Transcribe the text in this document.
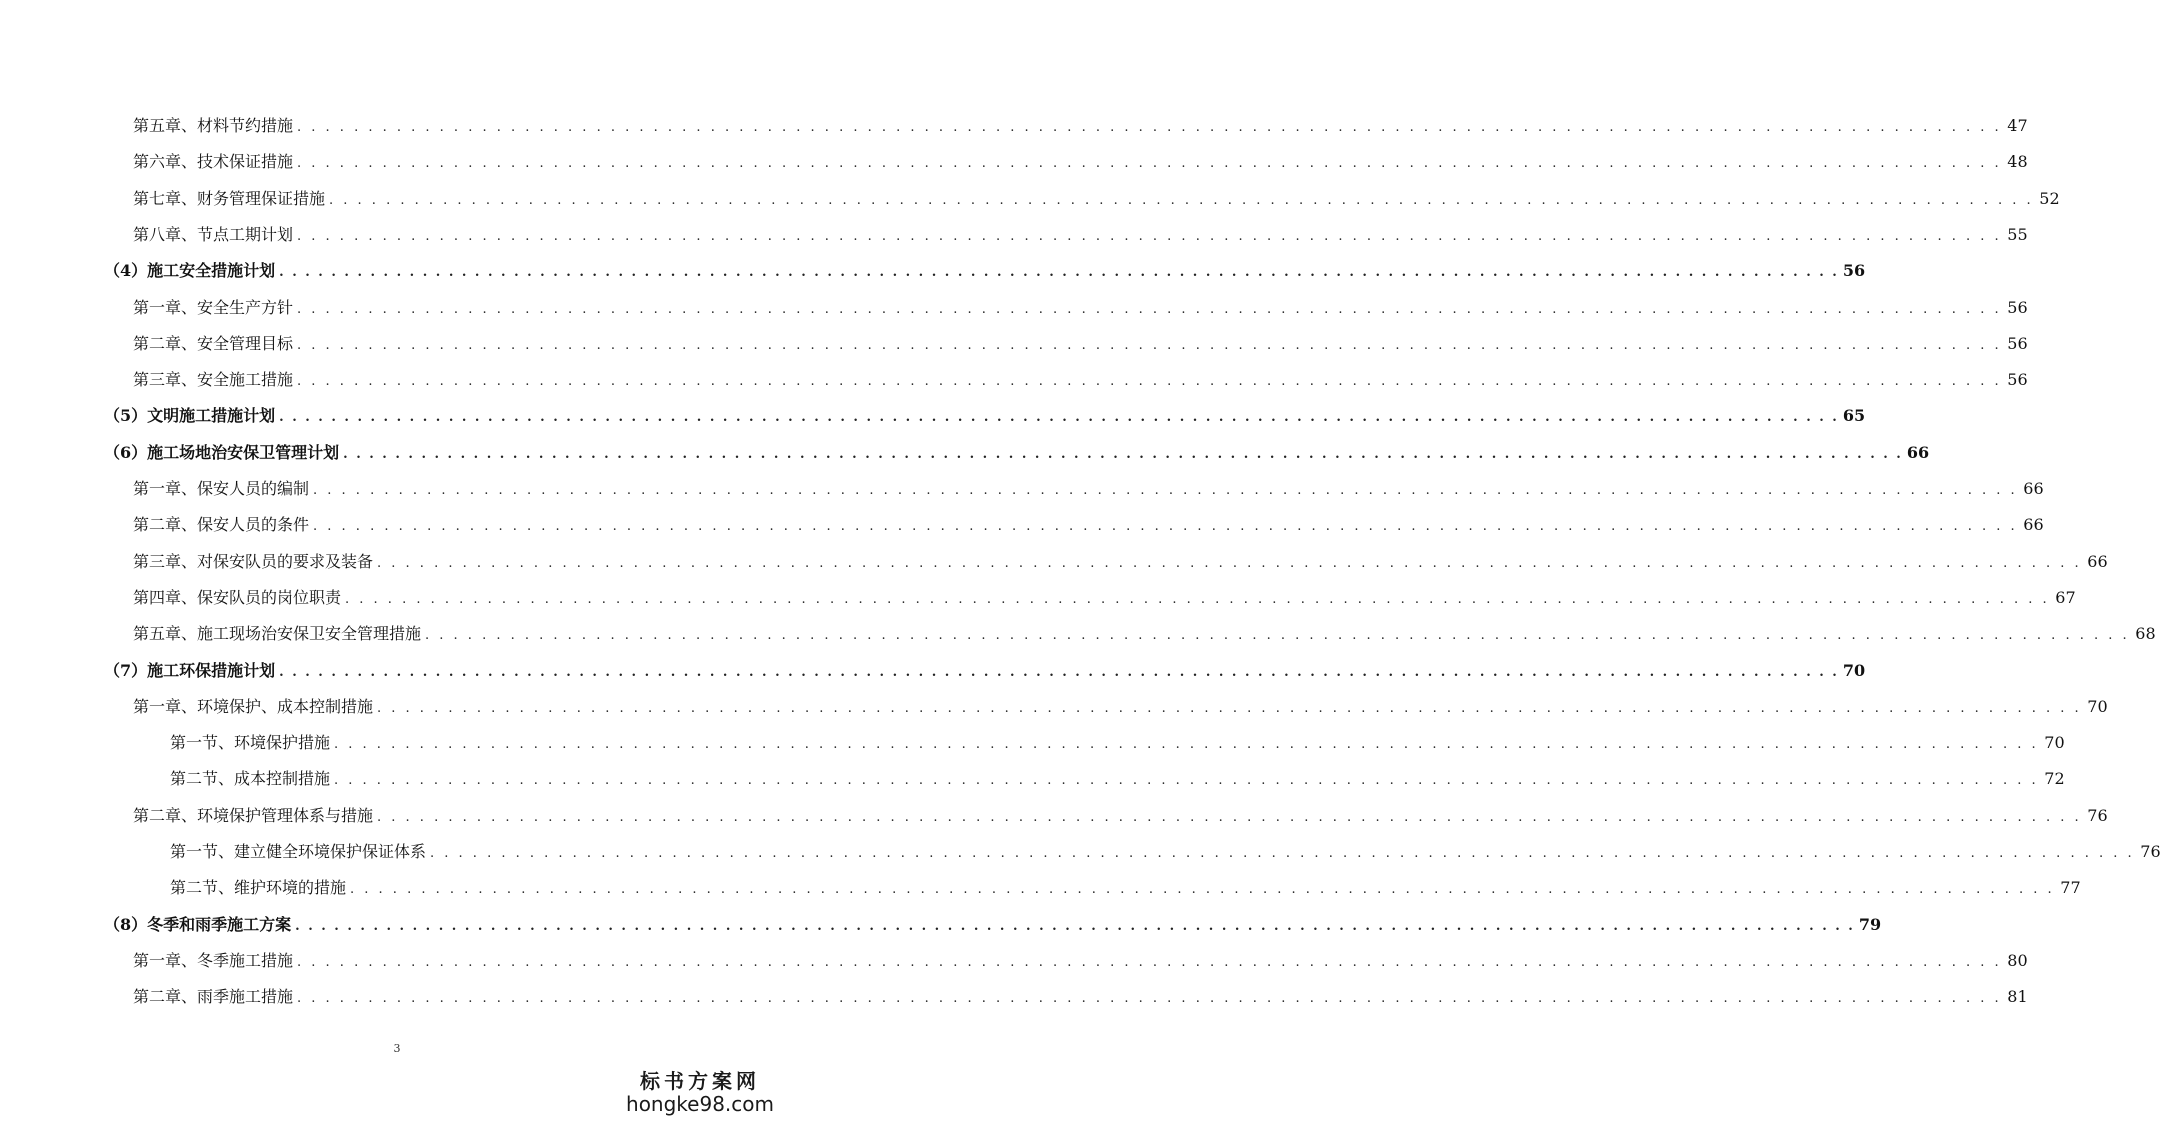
第五章、材料节约措施 . . . . . . . . . . . . . . . . . . . . . . . . . . . . . . . . . . . . . . . . . . . . . . . . . . . . . . . . . . . . . . . . . . . . . . . . . . . . . . . . . . . . . . . . . . . . . . . . . . . . . . . . . . . . . . . . . . . . . . . . 47
第六章、技术保证措施 . . . . . . . . . . . . . . . . . . . . . . . . . . . . . . . . . . . . . . . . . . . . . . . . . . . . . . . . . . . . . . . . . . . . . . . . . . . . . . . . . . . . . . . . . . . . . . . . . . . . . . . . . . . . . . . . . . . . . . . . 48
第七章、财务管理保证措施 . . . . . . . . . . . . . . . . . . . . . . . . . . . . . . . . . . . . . . . . . . . . . . . . . . . . . . . . . . . . . . . . . . . . . . . . . . . . . . . . . . . . . . . . . . . . . . . . . . . . . . . . . . . . . . . . . . . . . . . . 52
第八章、节点工期计划 . . . . . . . . . . . . . . . . . . . . . . . . . . . . . . . . . . . . . . . . . . . . . . . . . . . . . . . . . . . . . . . . . . . . . . . . . . . . . . . . . . . . . . . . . . . . . . . . . . . . . . . . . . . . . . . . . . . . . . . . 55
（4）施工安全措施计划 . . . . . . . . . . . . . . . . . . . . . . . . . . . . . . . . . . . . . . . . . . . . . . . . . . . . . . . . . . . . . . . . . . . . . . . . . . . . . . . . . . . . . . . . . . . . . . . . . . . . . . . . . . . . . . . . . . . . . . . . 56
第一章、安全生产方针 . . . . . . . . . . . . . . . . . . . . . . . . . . . . . . . . . . . . . . . . . . . . . . . . . . . . . . . . . . . . . . . . . . . . . . . . . . . . . . . . . . . . . . . . . . . . . . . . . . . . . . . . . . . . . . . . . . . . . . . . 56
第二章、安全管理目标 . . . . . . . . . . . . . . . . . . . . . . . . . . . . . . . . . . . . . . . . . . . . . . . . . . . . . . . . . . . . . . . . . . . . . . . . . . . . . . . . . . . . . . . . . . . . . . . . . . . . . . . . . . . . . . . . . . . . . . . . 56
第三章、安全施工措施 . . . . . . . . . . . . . . . . . . . . . . . . . . . . . . . . . . . . . . . . . . . . . . . . . . . . . . . . . . . . . . . . . . . . . . . . . . . . . . . . . . . . . . . . . . . . . . . . . . . . . . . . . . . . . . . . . . . . . . . . 56
（5）文明施工措施计划 . . . . . . . . . . . . . . . . . . . . . . . . . . . . . . . . . . . . . . . . . . . . . . . . . . . . . . . . . . . . . . . . . . . . . . . . . . . . . . . . . . . . . . . . . . . . . . . . . . . . . . . . . . . . . . . . . . . . . . . . 65
（6）施工场地治安保卫管理计划 . . . . . . . . . . . . . . . . . . . . . . . . . . . . . . . . . . . . . . . . . . . . . . . . . . . . . . . . . . . . . . . . . . . . . . . . . . . . . . . . . . . . . . . . . . . . . . . . . . . . . . . . . . . . . . . . . . . . . . . . 66
第一章、保安人员的编制 . . . . . . . . . . . . . . . . . . . . . . . . . . . . . . . . . . . . . . . . . . . . . . . . . . . . . . . . . . . . . . . . . . . . . . . . . . . . . . . . . . . . . . . . . . . . . . . . . . . . . . . . . . . . . . . . . . . . . . . . 66
第二章、保安人员的条件 . . . . . . . . . . . . . . . . . . . . . . . . . . . . . . . . . . . . . . . . . . . . . . . . . . . . . . . . . . . . . . . . . . . . . . . . . . . . . . . . . . . . . . . . . . . . . . . . . . . . . . . . . . . . . . . . . . . . . . . . 66
第三章、对保安队员的要求及装备 . . . . . . . . . . . . . . . . . . . . . . . . . . . . . . . . . . . . . . . . . . . . . . . . . . . . . . . . . . . . . . . . . . . . . . . . . . . . . . . . . . . . . . . . . . . . . . . . . . . . . . . . . . . . . . . . . . . . . . . . 66
第四章、保安队员的岗位职责 . . . . . . . . . . . . . . . . . . . . . . . . . . . . . . . . . . . . . . . . . . . . . . . . . . . . . . . . . . . . . . . . . . . . . . . . . . . . . . . . . . . . . . . . . . . . . . . . . . . . . . . . . . . . . . . . . . . . . . . . 67
第五章、施工现场治安保卫安全管理措施 . . . . . . . . . . . . . . . . . . . . . . . . . . . . . . . . . . . . . . . . . . . . . . . . . . . . . . . . . . . . . . . . . . . . . . . . . . . . . . . . . . . . . . . . . . . . . . . . . . . . . . . . . . . . . . . . . . . . . . . . 68
（7）施工环保措施计划 . . . . . . . . . . . . . . . . . . . . . . . . . . . . . . . . . . . . . . . . . . . . . . . . . . . . . . . . . . . . . . . . . . . . . . . . . . . . . . . . . . . . . . . . . . . . . . . . . . . . . . . . . . . . . . . . . . . . . . . . 70
第一章、环境保护、成本控制措施 . . . . . . . . . . . . . . . . . . . . . . . . . . . . . . . . . . . . . . . . . . . . . . . . . . . . . . . . . . . . . . . . . . . . . . . . . . . . . . . . . . . . . . . . . . . . . . . . . . . . . . . . . . . . . . . . . . . . . . . . 70
第一节、环境保护措施 . . . . . . . . . . . . . . . . . . . . . . . . . . . . . . . . . . . . . . . . . . . . . . . . . . . . . . . . . . . . . . . . . . . . . . . . . . . . . . . . . . . . . . . . . . . . . . . . . . . . . . . . . . . . . . . . . . . . . . . . 70
第二节、成本控制措施 . . . . . . . . . . . . . . . . . . . . . . . . . . . . . . . . . . . . . . . . . . . . . . . . . . . . . . . . . . . . . . . . . . . . . . . . . . . . . . . . . . . . . . . . . . . . . . . . . . . . . . . . . . . . . . . . . . . . . . . . 72
第二章、环境保护管理体系与措施 . . . . . . . . . . . . . . . . . . . . . . . . . . . . . . . . . . . . . . . . . . . . . . . . . . . . . . . . . . . . . . . . . . . . . . . . . . . . . . . . . . . . . . . . . . . . . . . . . . . . . . . . . . . . . . . . . . . . . . . . 76
第一节、建立健全环境保护保证体系 . . . . . . . . . . . . . . . . . . . . . . . . . . . . . . . . . . . . . . . . . . . . . . . . . . . . . . . . . . . . . . . . . . . . . . . . . . . . . . . . . . . . . . . . . . . . . . . . . . . . . . . . . . . . . . . . . . . . . . . . 76
第二节、维护环境的措施 . . . . . . . . . . . . . . . . . . . . . . . . . . . . . . . . . . . . . . . . . . . . . . . . . . . . . . . . . . . . . . . . . . . . . . . . . . . . . . . . . . . . . . . . . . . . . . . . . . . . . . . . . . . . . . . . . . . . . . . . 77
（8）冬季和雨季施工方案 . . . . . . . . . . . . . . . . . . . . . . . . . . . . . . . . . . . . . . . . . . . . . . . . . . . . . . . . . . . . . . . . . . . . . . . . . . . . . . . . . . . . . . . . . . . . . . . . . . . . . . . . . . . . . . . . . . . . . . . . 79
第一章、冬季施工措施 . . . . . . . . . . . . . . . . . . . . . . . . . . . . . . . . . . . . . . . . . . . . . . . . . . . . . . . . . . . . . . . . . . . . . . . . . . . . . . . . . . . . . . . . . . . . . . . . . . . . . . . . . . . . . . . . . . . . . . . . 80
第二章、雨季施工措施 . . . . . . . . . . . . . . . . . . . . . . . . . . . . . . . . . . . . . . . . . . . . . . . . . . . . . . . . . . . . . . . . . . . . . . . . . . . . . . . . . . . . . . . . . . . . . . . . . . . . . . . . . . . . . . . . . . . . . . . . 81
3
标书方案网
hongke98.com
